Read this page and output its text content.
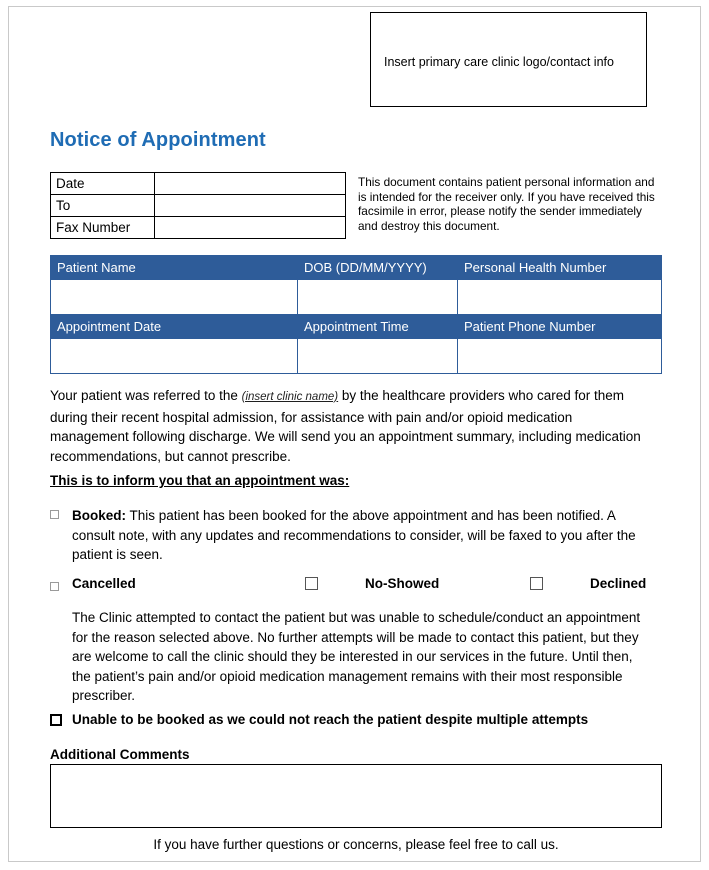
Insert primary care clinic logo/contact info
Notice of Appointment
Date	
To	
Fax Number	
This document contains patient personal information and is intended for the receiver only. If you have received this facsimile in error, please notify the sender immediately and destroy this document.
Patient Name	DOB (DD/MM/YYYY)	Personal Health Number

Appointment Date	Appointment Time	Patient Phone Number

Your patient was referred to the (insert clinic name) by the healthcare providers who cared for them during their recent hospital admission, for assistance with pain and/or opioid medication management following discharge. We will send you an appointment summary, including medication recommendations, but cannot prescribe.
This is to inform you that an appointment was:
Booked: This patient has been booked for the above appointment and has been notified. A consult note, with any updates and recommendations to consider, will be faxed to you after the patient is seen.
Cancelled	No-Showed	Declined
The Clinic attempted to contact the patient but was unable to schedule/conduct an appointment for the reason selected above. No further attempts will be made to contact this patient, but they are welcome to call the clinic should they be interested in our services in the future. Until then, the patient’s pain and/or opioid medication management remains with their most responsible prescriber.
Unable to be booked as we could not reach the patient despite multiple attempts
Additional Comments
If you have further questions or concerns, please feel free to call us.
